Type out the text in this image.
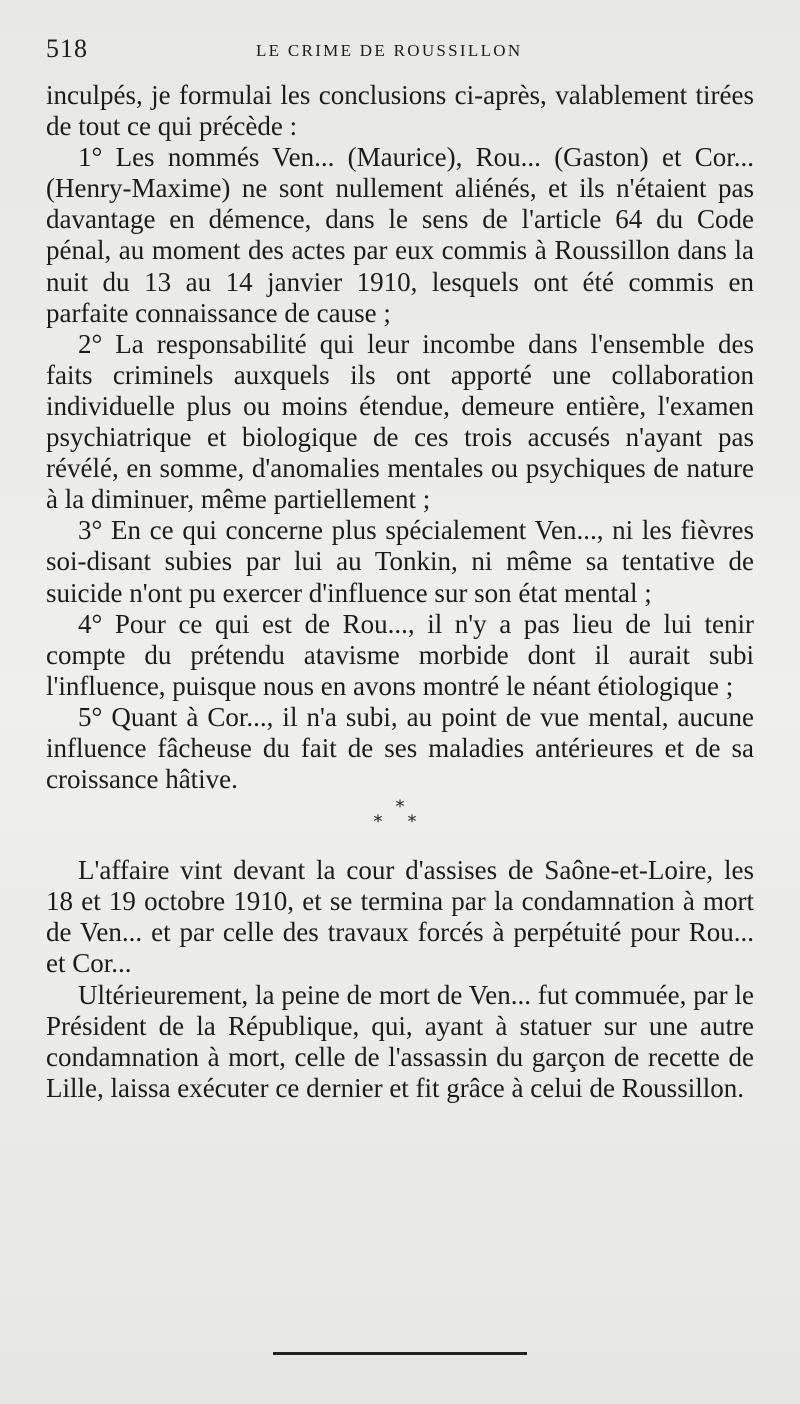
518	LE CRIME DE ROUSSILLON

inculpés, je formulai les conclusions ci-après, valablement tirées de tout ce qui précède :

1° Les nommés Ven... (Maurice), Rou... (Gaston) et Cor... (Henry-Maxime) ne sont nullement aliénés, et ils n'étaient pas davantage en démence, dans le sens de l'article 64 du Code pénal, au moment des actes par eux commis à Roussillon dans la nuit du 13 au 14 janvier 1910, lesquels ont été commis en parfaite connaissance de cause ;

2° La responsabilité qui leur incombe dans l'ensemble des faits criminels auxquels ils ont apporté une collaboration individuelle plus ou moins étendue, demeure entière, l'examen psychiatrique et biologique de ces trois accusés n'ayant pas révélé, en somme, d'anomalies mentales ou psychiques de nature à la diminuer, même partiellement ;

3° En ce qui concerne plus spécialement Ven..., ni les fièvres soi-disant subies par lui au Tonkin, ni même sa tentative de suicide n'ont pu exercer d'influence sur son état mental ;

4° Pour ce qui est de Rou..., il n'y a pas lieu de lui tenir compte du prétendu atavisme morbide dont il aurait subi l'influence, puisque nous en avons montré le néant étiologique ;

5° Quant à Cor..., il n'a subi, au point de vue mental, aucune influence fâcheuse du fait de ses maladies antérieures et de sa croissance hâtive.

*
* *

L'affaire vint devant la cour d'assises de Saône-et-Loire, les 18 et 19 octobre 1910, et se termina par la condamnation à mort de Ven... et par celle des travaux forcés à perpétuité pour Rou... et Cor...

Ultérieurement, la peine de mort de Ven... fut commuée, par le Président de la République, qui, ayant à statuer sur une autre condamnation à mort, celle de l'assassin du garçon de recette de Lille, laissa exécuter ce dernier et fit grâce à celui de Roussillon.
